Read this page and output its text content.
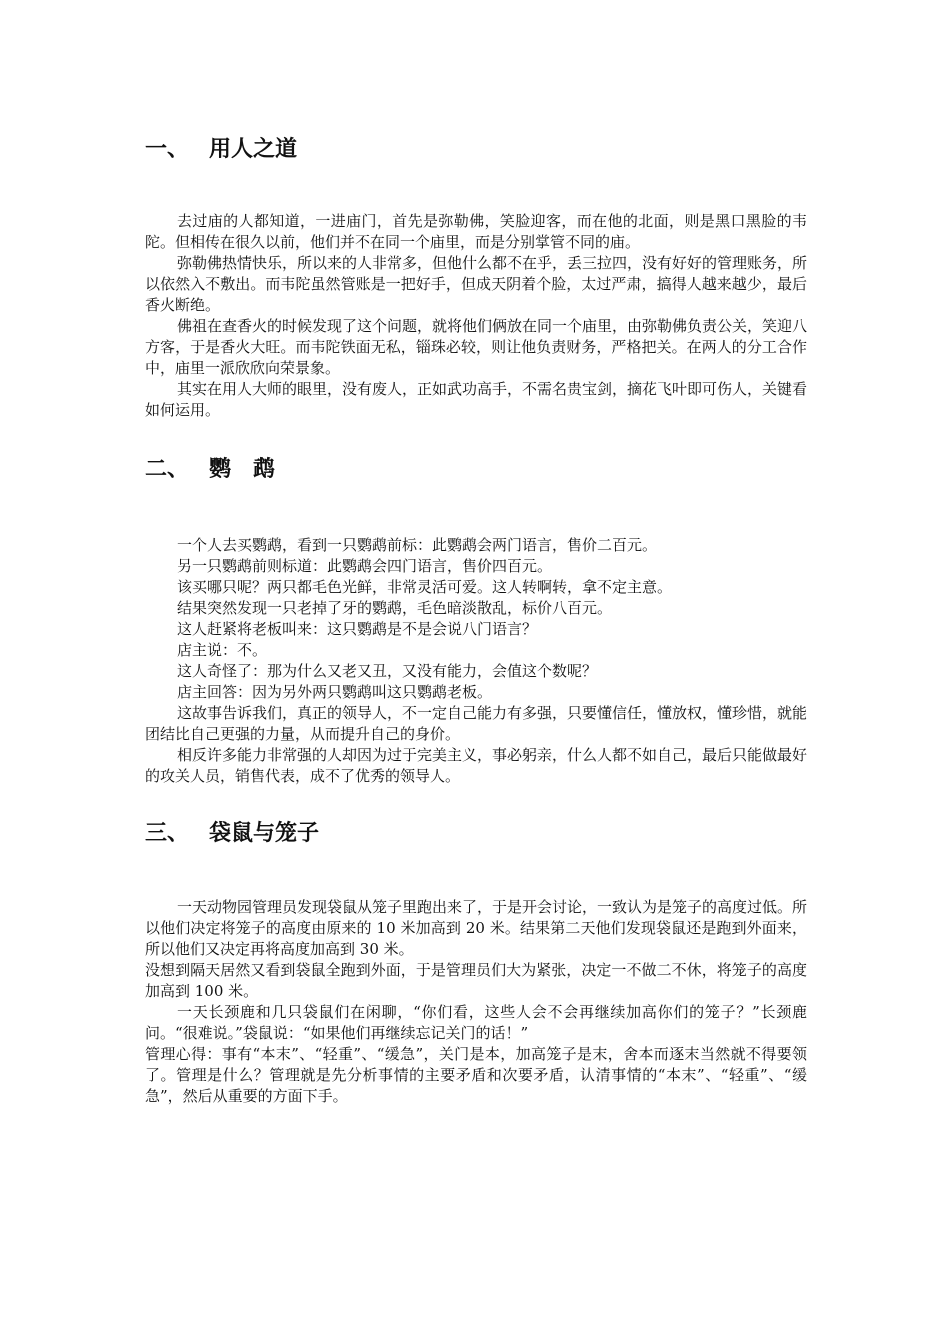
一、 用人之道

去过庙的人都知道，一进庙门，首先是弥勒佛，笑脸迎客，而在他的北面，则是黑口黑脸的韦陀。但相传在很久以前，他们并不在同一个庙里，而是分别掌管不同的庙。

弥勒佛热情快乐，所以来的人非常多，但他什么都不在乎，丢三拉四，没有好好的管理账务，所以依然入不敷出。而韦陀虽然管账是一把好手，但成天阴着个脸，太过严肃，搞得人越来越少，最后香火断绝。

佛祖在查香火的时候发现了这个问题，就将他们俩放在同一个庙里，由弥勒佛负责公关，笑迎八方客，于是香火大旺。而韦陀铁面无私，锱珠必较，则让他负责财务，严格把关。在两人的分工合作中，庙里一派欣欣向荣景象。

其实在用人大师的眼里，没有废人，正如武功高手，不需名贵宝剑，摘花飞叶即可伤人，关键看如何运用。

二、 鹦　鹉

一个人去买鹦鹉，看到一只鹦鹉前标：此鹦鹉会两门语言，售价二百元。

另一只鹦鹉前则标道：此鹦鹉会四门语言，售价四百元。

该买哪只呢？两只都毛色光鲜，非常灵活可爱。这人转啊转，拿不定主意。

结果突然发现一只老掉了牙的鹦鹉，毛色暗淡散乱，标价八百元。

这人赶紧将老板叫来：这只鹦鹉是不是会说八门语言？

店主说：不。

这人奇怪了：那为什么又老又丑，又没有能力，会值这个数呢？

店主回答：因为另外两只鹦鹉叫这只鹦鹉老板。

这故事告诉我们，真正的领导人，不一定自己能力有多强，只要懂信任，懂放权，懂珍惜，就能团结比自己更强的力量，从而提升自己的身价。

相反许多能力非常强的人却因为过于完美主义，事必躬亲，什么人都不如自己，最后只能做最好的攻关人员，销售代表，成不了优秀的领导人。

三、 袋鼠与笼子

一天动物园管理员发现袋鼠从笼子里跑出来了，于是开会讨论，一致认为是笼子的高度过低。所以他们决定将笼子的高度由原来的 10 米加高到 20 米。结果第二天他们发现袋鼠还是跑到外面来，所以他们又决定再将高度加高到 30 米。

没想到隔天居然又看到袋鼠全跑到外面，于是管理员们大为紧张，决定一不做二不休，将笼子的高度加高到 100 米。

一天长颈鹿和几只袋鼠们在闲聊，“你们看，这些人会不会再继续加高你们的笼子？”长颈鹿问。“很难说。”袋鼠说：“如果他们再继续忘记关门的话！”

管理心得：事有“本末”、“轻重”、“缓急”，关门是本，加高笼子是末，舍本而逐末当然就不得要领了。管理是什么？管理就是先分析事情的主要矛盾和次要矛盾，认清事情的“本末”、“轻重”、“缓急”，然后从重要的方面下手。
